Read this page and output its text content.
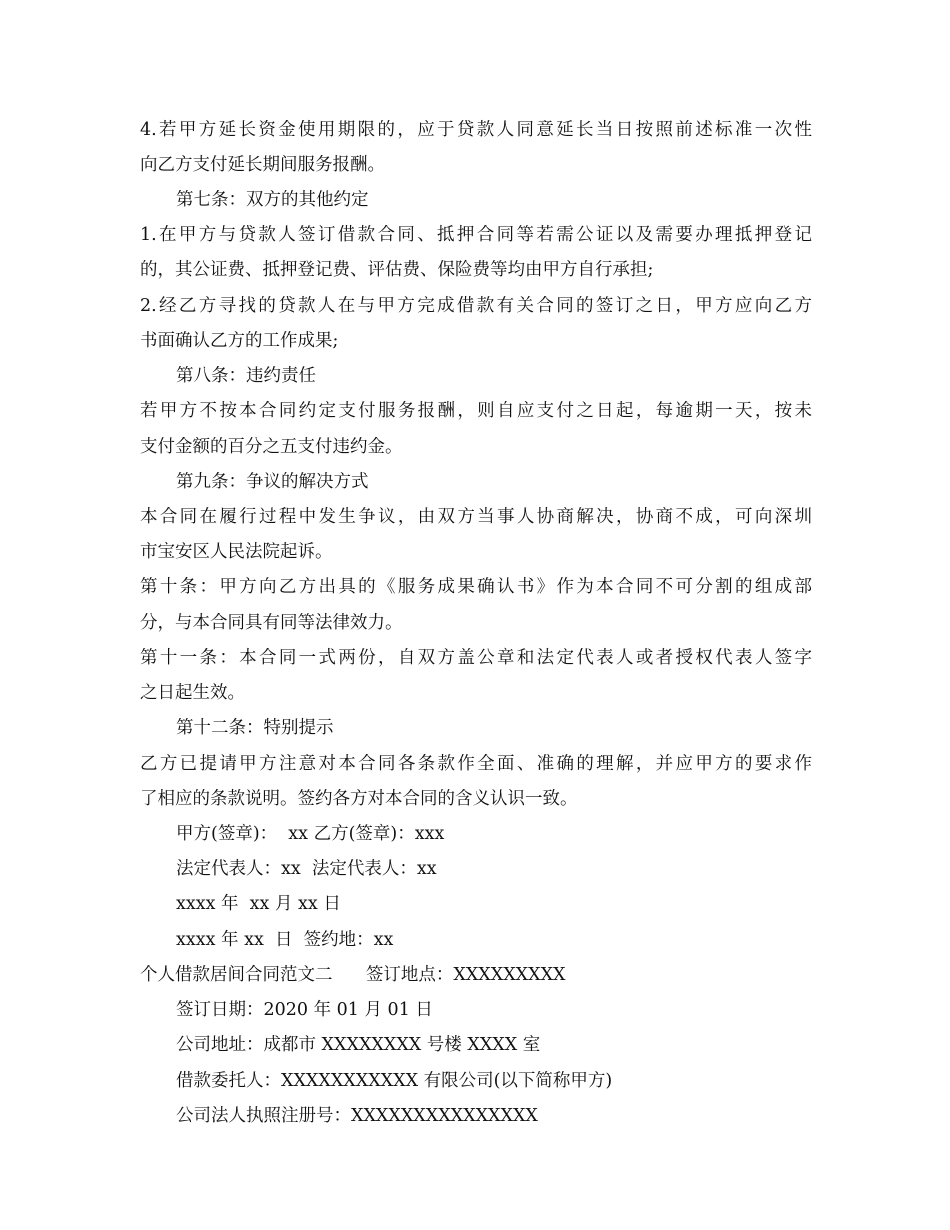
4.若甲方延长资金使用期限的，应于贷款人同意延长当日按照前述标准一次性
向乙方支付延长期间服务报酬。
第七条：双方的其他约定
1.在甲方与贷款人签订借款合同、抵押合同等若需公证以及需要办理抵押登记
的，其公证费、抵押登记费、评估费、保险费等均由甲方自行承担;
2.经乙方寻找的贷款人在与甲方完成借款有关合同的签订之日，甲方应向乙方
书面确认乙方的工作成果;
第八条：违约责任
若甲方不按本合同约定支付服务报酬，则自应支付之日起，每逾期一天，按未
支付金额的百分之五支付违约金。
第九条：争议的解决方式
本合同在履行过程中发生争议，由双方当事人协商解决，协商不成，可向深圳
市宝安区人民法院起诉。
第十条：甲方向乙方出具的《服务成果确认书》作为本合同不可分割的组成部
分，与本合同具有同等法律效力。
第十一条：本合同一式两份，自双方盖公章和法定代表人或者授权代表人签字
之日起生效。
第十二条：特别提示
乙方已提请甲方注意对本合同各条款作全面、准确的理解，并应甲方的要求作
了相应的条款说明。签约各方对本合同的含义认识一致。
甲方(签章)：  xx 乙方(签章)：xxx
法定代表人：xx  法定代表人：xx
xxxx 年  xx 月 xx 日
xxxx 年 xx  日  签约地：xx
个人借款居间合同范文二      签订地点：XXXXXXXXX
签订日期：2020 年 01 月 01 日
公司地址：成都市 XXXXXXXX 号楼 XXXX 室
借款委托人：XXXXXXXXXXX 有限公司(以下简称甲方)
公司法人执照注册号：XXXXXXXXXXXXXXX
